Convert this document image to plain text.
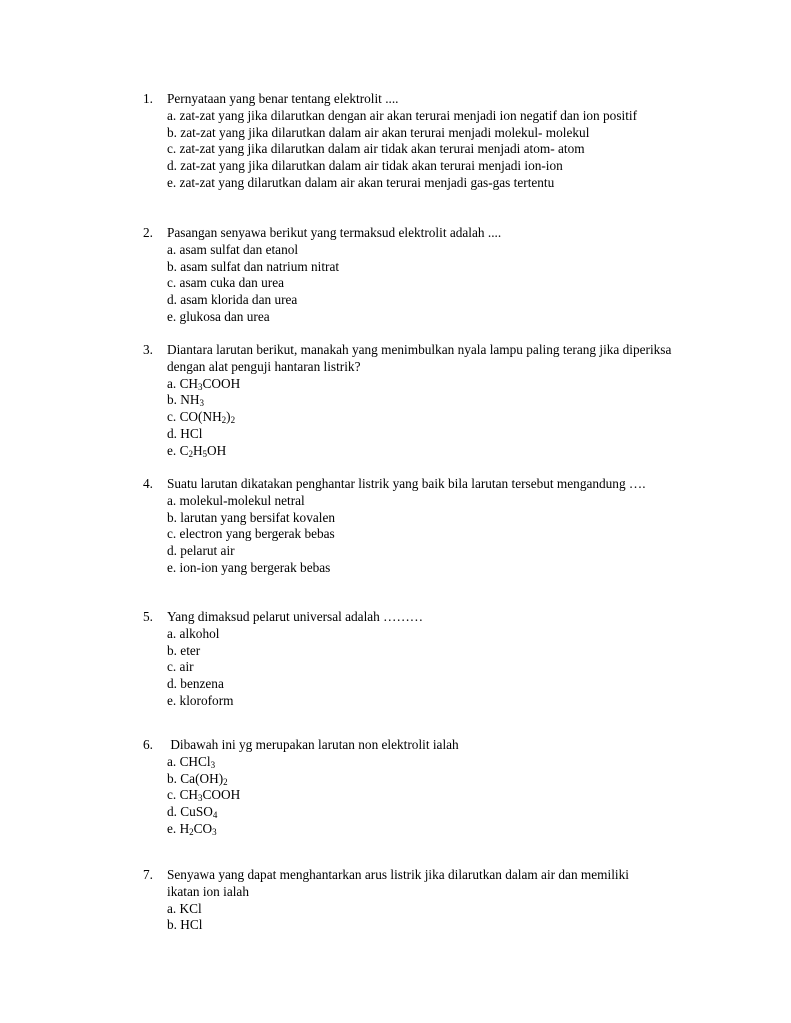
1.	Pernyataan yang benar tentang elektrolit ....
a. zat-zat yang jika dilarutkan dengan air akan terurai menjadi ion negatif dan ion positif
b. zat-zat yang jika dilarutkan dalam air akan terurai menjadi molekul- molekul
c. zat-zat yang jika dilarutkan dalam air tidak akan terurai menjadi atom- atom
d. zat-zat yang jika dilarutkan dalam air tidak akan terurai menjadi ion-ion
e. zat-zat yang dilarutkan dalam air akan terurai menjadi gas-gas tertentu
2.	Pasangan senyawa berikut yang termaksud elektrolit adalah ....
a. asam sulfat dan etanol
b. asam sulfat dan natrium nitrat
c. asam cuka dan urea
d. asam klorida dan urea
e. glukosa dan urea
3.	Diantara larutan berikut, manakah yang menimbulkan nyala lampu paling terang jika diperiksa dengan alat penguji hantaran listrik?
a. $CH_3COOH$
b. $NH_3$
c. $CO(NH_2)_2$
d. HCl
e. $C_2H_5OH$
4.	Suatu larutan dikatakan penghantar listrik yang baik bila larutan tersebut mengandung ….
a. molekul-molekul netral
b. larutan yang bersifat kovalen
c. electron yang bergerak bebas
d. pelarut air
e. ion-ion yang bergerak bebas
5.	Yang dimaksud pelarut universal adalah ………
a. alkohol
b. eter
c. air
d. benzena
e. kloroform
6.	Dibawah ini yg merupakan larutan non elektrolit ialah
a. CHCl$_3$
b. $Ca(OH)_2$
c. $CH_3COOH$
d. CuSO$_4$
e. $H_2CO_3$
7.	Senyawa yang dapat menghantarkan arus listrik jika dilarutkan dalam air dan memiliki ikatan ion ialah
a. KCl
b. HCl
